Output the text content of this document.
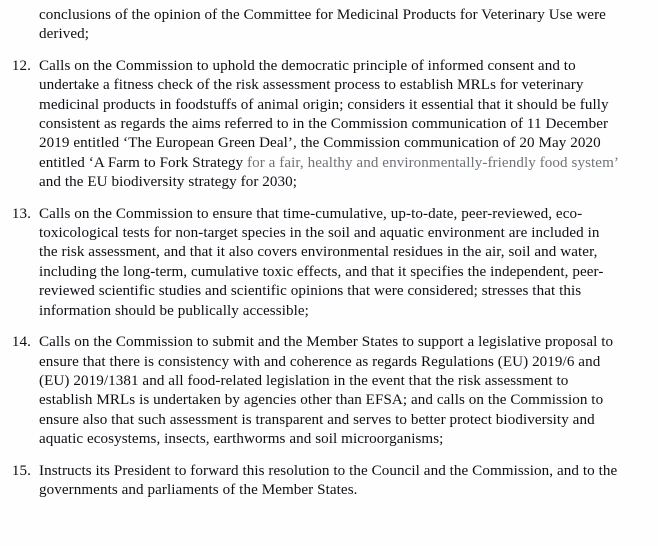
conclusions of the opinion of the Committee for Medicinal Products for Veterinary Use were derived;

12. Calls on the Commission to uphold the democratic principle of informed consent and to undertake a fitness check of the risk assessment process to establish MRLs for veterinary medicinal products in foodstuffs of animal origin; considers it essential that it should be fully consistent as regards the aims referred to in the Commission communication of 11 December 2019 entitled ‘The European Green Deal’, the Commission communication of 20 May 2020 entitled ‘A Farm to Fork Strategy for a fair, healthy and environmentally-friendly food system’ and the EU biodiversity strategy for 2030;
13. Calls on the Commission to ensure that time-cumulative, up-to-date, peer-reviewed, eco-toxicological tests for non-target species in the soil and aquatic environment are included in the risk assessment, and that it also covers environmental residues in the air, soil and water, including the long-term, cumulative toxic effects, and that it specifies the independent, peer-reviewed scientific studies and scientific opinions that were considered; stresses that this information should be publically accessible;
14. Calls on the Commission to submit and the Member States to support a legislative proposal to ensure that there is consistency with and coherence as regards Regulations (EU) 2019/6 and (EU) 2019/1381 and all food-related legislation in the event that the risk assessment to establish MRLs is undertaken by agencies other than EFSA; and calls on the Commission to ensure also that such assessment is transparent and serves to better protect biodiversity and aquatic ecosystems, insects, earthworms and soil microorganisms;
15. Instructs its President to forward this resolution to the Council and the Commission, and to the governments and parliaments of the Member States.
